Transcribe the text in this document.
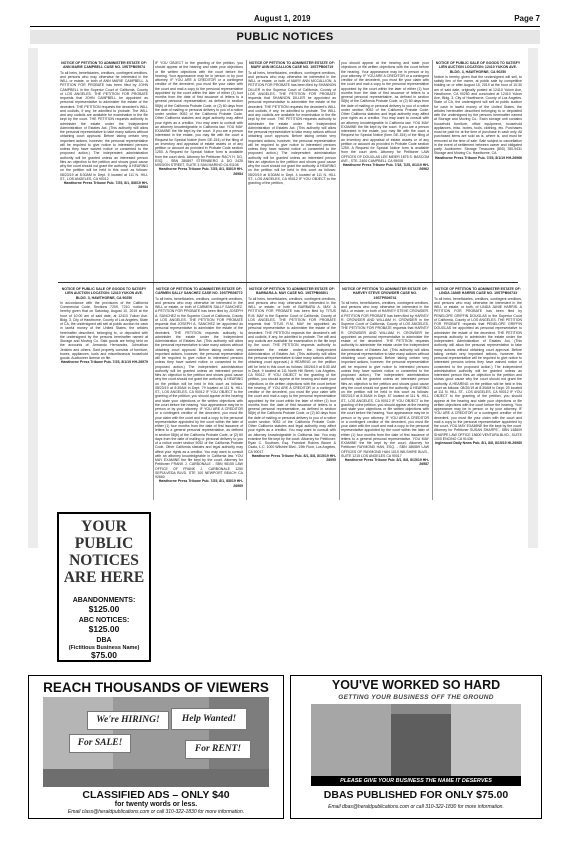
August 1, 2019	Page 7
PUBLIC NOTICES
NOTICE OF PETITION TO ADMINISTER ESTATE OF: ANN MARIE CAMPBELL CASE NO. 19STPB05974
To all heirs, beneficiaries, creditors, contingent creditors, and persons who may otherwise be interested in the WILL or estate, or both of ANN MARIE CAMPBELL. A PETITION FOR PROBATE has been filed by JOHN CAMPBELL in the Superior Court of California, County of LOS ANGELES. THE PETITION FOR PROBATE requests that JOHN CAMPBELL be appointed as personal representative to administer the estate of the decedent. THE PETITION requests the decedent's WILL and codicils, if any, be admitted to probate. The WILL and any codicils are available for examination in the file kept by the court. THE PETITION requests authority to administer the estate under the Independent Administration of Estates Act. (This authority will allow the personal representative to take many actions without obtaining court approval. Before taking certain very important actions, however, the personal representative will be required to give notice to interested persons unless they have waived notice or consented to the proposed action.) The independent administration authority will be granted unless an interested person files an objection to the petition and shows good cause why the court should not grant the authority. A HEARING on the petition will be held in this court as follows: 08/23/19 at 8:30AM in Dept. 5 located at 111 N. HILL ST., LOS ANGELES, CA 90012
Hawthorne Press Tribune Pub. 7/25, 8/1, 8/8/19 HH-26984
IF YOU OBJECT to the granting of the petition, you should appear at the hearing and state your objections or file written objections with the court before the hearing. Your appearance may be in person or by your attorney. IF YOU ARE A CREDITOR or a contingent creditor of the decedent, you must file your claim with the court and mail a copy to the personal representative appointed by the court within the later of either (1) four months from the date of first issuance of letters to a general personal representative, as defined in section 58(b) of the California Probate Code, or (2) 60 days from the date of mailing or personal delivery to you of a notice under section 9052 of the California Probate Code. Other California statutes and legal authority may affect your rights as a creditor. You may want to consult with an attorney knowledgeable in California law. YOU MAY EXAMINE the file kept by the court. If you are a person interested in the estate, you may file with the court a Request for Special Notice (form DE-154) of the filing of an inventory and appraisal of estate assets or of any petition or account as provided in Probate Code section 1250. A Request for Special Notice form is available from the court clerk. Attorney for Petitioner RACY H. DO, ESQ. - SBN 280897 STERNBERG & DO 2425 MISSION STREET, SUITE 3 SAN MARINO CA 91108
Hawthorne Press Tribune Pub. 7/25, 8/1, 8/8/19 HH-26984
NOTICE OF PETITION TO ADMINISTER ESTATE OF: MARY ANN MCCALLION CASE NO. 19STPB06719
To all heirs, beneficiaries, creditors, contingent creditors, and persons who may otherwise be interested in the WILL or estate, or both of MARY ANN MCCALLION. A PETITION FOR PROBATE has been filed by SHANNON DILLER in the Superior Court of California, County of LOS ANGELES. THE PETITION FOR PROBATE requests that SHANNON DILLER be appointed as personal representative to administer the estate of the decedent. THE PETITION requests the decedent's WILL and codicils, if any, be admitted to probate. The WILL and any codicils are available for examination in the file kept by the court. THE PETITION requests authority to administer the estate under the Independent Administration of Estates Act. (This authority will allow the personal representative to take many actions without obtaining court approval. Before taking certain very important actions, however, the personal representative will be required to give notice to interested persons unless they have waived notice or consented to the proposed action.) The independent administration authority will be granted unless an interested person files an objection to the petition and shows good cause why the court should not grant the authority. A HEARING on the petition will be held in this court as follows: 08/20/19 at 8:30AM in Dept. 4 located at 111 N. HILL ST., LOS ANGELES, CA 90012 IF YOU OBJECT to the granting of the petition,
you should appear at the hearing and state your objections or file written objections with the court before the hearing. Your appearance may be in person or by your attorney. IF YOU ARE A CREDITOR or a contingent creditor of the decedent, you must file your claim with the court and mail a copy to the personal representative appointed by the court within the later of either (1) four months from the date of first issuance of letters to a general personal representative, as defined in section 58(b) of the California Probate Code, or (2) 60 days from the date of mailing or personal delivery to you of a notice under section 9052 of the California Probate Code. Other California statutes and legal authority may affect your rights as a creditor. You may want to consult with an attorney knowledgeable in California law. YOU MAY EXAMINE the file kept by the court. If you are a person interested in the estate, you may file with the court a Request for Special Notice (form DE-154) of the filing of an inventory and appraisal of estate assets or of any petition or account as provided in Probate Code section 1250. A Request for Special Notice form is available from the court clerk. Attorney for Petitioner LAW OFFICES OF DOUGLAS LEE MEIER 1875 S. BASCOM AVE., STE. 2400 CAMPBELL CA 95008
Hawthorne Press Tribune Pub. 7/18, 7/25, 8/1/19 HH-26962
NOTICE OF PUBLIC SALE OF GOODS TO SATISFY LIEN AUCTION LOCATION: 12410 YUKON AVE. BLDG. 3, HAWTHORNE, CA 90250
Notice is hereby given that the undersigned will sell, to satisfy lien of the owner, at public sale by competitive bidding on or after August 15, 2019 at the hour of 10:30 am of said date, originally posted at 12410 Yukon Ave, Hawthorne, CA 90250 and concluded at 12410 Yukon Ave, Bldg. 3, City of Hawthorne, County of Los Angeles, State of CA, the undersigned will sell at public auction for cash in lawful money of the United States, the articles hereinafter described belonging to or deposited with the undersigned by the persons hereinafter named at Storage and Moving Co.: Each storage unit contains household furniture, office equipment, household appliances, misc. boxes, tools, clothing, etc. Purchases must be paid for at the time of purchase in cash only. All purchased items are sold as is, where is, and must be removed at the time of sale. Sale subject to cancellation in the event of settlement between owner and obligated party. Auctioneer: Storage Treasures (800) 780-9431 Storage and Moving Co. Hawthorne, CA
Hawthorne Press Tribune Pub. 7/25, 8/1/19 HH-26966
NOTICE OF PUBLIC SALE OF GOODS TO SATISFY LIEN AUCTION LOCATION: 12410 YUKON AVE. BLDG. 3, HAWTHORNE, CA 90250
In accordance with the provisions of the California Commercial Code, Sections 7209, 7210, notice is hereby given that on Saturday, August 10, 2019 at the hour of 10:00 am of said date, at 12410 Yukon Ave. Bldg. 3, City of Hawthorne, County of Los Angeles, State of CA, the undersigned will sell at public auction for cash in lawful money of the United States, the articles hereinafter described, belonging to, or deposited with the undersigned by the persons hereinafter named at Storage and Moving Co. Said goods are being held on the accounts of: Armando Hernandez, Johnathan Jenkins and others. Said property consists of furniture, boxes, appliances, tools and miscellaneous household goods. Auctioneer license on file.
Hawthorne Press Tribune Pub. 7/25, 8/1/19 HH-26979
NOTICE OF PETITION TO ADMINISTER ESTATE OF: CARMEN SALLY SANCHEZ CASE NO. 19STPB06772
To all heirs, beneficiaries, creditors, contingent creditors, and persons who may otherwise be interested in the WILL or estate, or both of CARMEN SALLY SANCHEZ. A PETITION FOR PROBATE has been filed by JOSEPH A. SANCHEZ in the Superior Court of California, County of LOS ANGELES. THE PETITION FOR PROBATE requests that JOSEPH A. SANCHEZ be appointed as personal representative to administer the estate of the decedent. THE PETITION requests authority to administer the estate under the Independent Administration of Estates Act. (This authority will allow the personal representative to take many actions without obtaining court approval. Before taking certain very important actions, however, the personal representative will be required to give notice to interested persons unless they have waived notice or consented to the proposed action.) The independent administration authority will be granted unless an interested person files an objection to the petition and shows good cause why the court should not grant the authority. A HEARING on the petition will be held in this court as follows: 08/23/19 at 8:30AM in Dept. 79 located at 111 N. HILL ST., LOS ANGELES, CA 90012 IF YOU OBJECT to the granting of the petition, you should appear at the hearing and state your objections or file written objections with the court before the hearing. Your appearance may be in person or by your attorney. IF YOU ARE A CREDITOR or a contingent creditor of the decedent, you must file your claim with the court and mail a copy to the personal representative appointed by the court within the later of either (1) four months from the date of first issuance of letters to a general personal representative, as defined in section 58(b) of the California Probate Code, or (2) 60 days from the date of mailing or personal delivery to you of a notice under section 9052 of the California Probate Code. Other California statutes and legal authority may affect your rights as a creditor. You may want to consult with an attorney knowledgeable in California law. YOU MAY EXAMINE the file kept by the court. Attorney for Petitioner FRANK J. CARBONALE - SBN 98155 LAW OFFICE OF FRANK J. CARBONALE 1250 SEPULVEDA BLVD. STE 100 NEWPORT BEACH CA 92660
Hawthorne Press Tribune Pub. 7/25, 8/1, 8/8/19 HH-26969
NOTICE OF PETITION TO ADMINISTER ESTATE OF: BARBARA A. MAY CASE NO. 19STPB06801
To all heirs, beneficiaries, creditors, contingent creditors, and persons who may otherwise be interested in the WILL or estate, or both of BARBARA A. MAY. A PETITION FOR PROBATE has been filed by TITUS R.M. MAY in the Superior Court of California, County of LOS ANGELES. THE PETITION FOR PROBATE requests that TITUS R.M. MAY be appointed as personal representative to administer the estate of the decedent. THE PETITION requests the decedent's will and codicils, if any, be admitted to probate. The will and any codicils are available for examination in the file kept by the court. THE PETITION requests authority to administer the estate under the Independent Administration of Estates Act. (This authority will allow the personal representative to take many actions without obtaining court approval.) A HEARING on the petition will be held in this court as follows: 08/26/19 at 8:30 AM in Dept. 9 located at 111 North Hill Street, Los Angeles, CA 90012. IF YOU OBJECT to the granting of the petition, you should appear at the hearing and state your objections or file written objections with the court before the hearing. IF YOU ARE A CREDITOR or a contingent creditor of the decedent, you must file your claim with the court and mail a copy to the personal representative appointed by the court within the later of either (1) four months from the date of first issuance of letters to a general personal representative, as defined in section 58(b) of the California Probate Code, or (2) 60 days from the date of mailing or personal delivery to you of a notice under section 9052 of the California Probate Code. Other California statutes and legal authority may affect your rights as a creditor. You may want to consult with an attorney knowledgeable in California law. You may examine the file kept by the court. Attorney for Petitioner: Ryan C. Southam, Esq. Frandzel Robins Bloom & Csato, L.C. 1000 Wilshire Blvd., 19th Floor, Los Angeles, CA 90017
Hawthorne Press Tribune Pub. 8/1, 8/8, 8/15/19 HH-26995
NOTICE OF PETITION TO ADMINISTER ESTATE OF: HARVEY STEVE CROWDER CASE NO. 19STPB06741
To all heirs, beneficiaries, creditors, contingent creditors, and persons who may otherwise be interested in the WILL or estate, or both of HARVEY STEVE CROWDER. A PETITION FOR PROBATE has been filed by HARVEY R. CROWDER AND WILLIAM H. CROWDER in the Superior Court of California, County of LOS ANGELES. THE PETITION FOR PROBATE requests that HARVEY R. CROWDER AND WILLIAM H. CROWDER be appointed as personal representative to administer the estate of the decedent. THE PETITION requests authority to administer the estate under the Independent Administration of Estates Act. (This authority will allow the personal representative to take many actions without obtaining court approval. Before taking certain very important actions, however, the personal representative will be required to give notice to interested persons unless they have waived notice or consented to the proposed action.) The independent administration authority will be granted unless an interested person files an objection to the petition and shows good cause why the court should not grant the authority. A HEARING on the petition will be held in this court as follows: 08/23/19 at 8:30AM in Dept. 67 located at 111 N. HILL ST., LOS ANGELES, CA 90012 IF YOU OBJECT to the granting of the petition, you should appear at the hearing and state your objections or file written objections with the court before the hearing. Your appearance may be in person or by your attorney. IF YOU ARE A CREDITOR or a contingent creditor of the decedent, you must file your claim with the court and mail a copy to the personal representative appointed by the court within the later of either (1) four months from the date of first issuance of letters to a general personal representative. YOU MAY EXAMINE the file kept by the court. Attorney for Petitioner RAYMOND HAN, ESQ. - SBN 186589 LAW OFFICES OF RAYMOND HAN 1010 WILSHIRE BLVD., SUITE 1215 LOS ANGELES CA 90017
Hawthorne Press Tribune Pub. 8/1, 8/8, 8/15/19 HH-26987
NOTICE OF PETITION TO ADMINISTER ESTATE OF: LINDA JANIE HARRIS CASE NO. 19STPB06733
To all heirs, beneficiaries, creditors, contingent creditors, and persons who may otherwise be interested in the WILL or estate, or both, of LINDA JANIE HARRIS. A PETITION FOR PROBATE has been filed by PENELOPE GRIFFIN DOUGLAS in the Superior Court of California, County of LOS ANGELES. THE PETITION FOR PROBATE requests that PENELOPE GRIFFIN DOUGLAS be appointed as personal representative to administer the estate of the decedent. THE PETITION requests authority to administer the estate under the Independent Administration of Estates Act. (This authority will allow the personal representative to take many actions without obtaining court approval. Before taking certain very important actions, however, the personal representative will be required to give notice to interested persons unless they have waived notice or consented to the proposed action.) The independent administration authority will be granted unless an interested person files an objection to the petition and shows good cause why the court should not grant the authority. A HEARING on the petition will be held in this court as follows: 08/20/19 at 8:30AM in Dept. 29 located at 111 N. HILL ST., LOS ANGELES, CA 90012 IF YOU OBJECT to the granting of the petition, you should appear at the hearing and state your objections or file written objections with the court before the hearing. Your appearance may be in person or by your attorney. IF YOU ARE A CREDITOR or a contingent creditor of the decedent, you must file your claim with the court and mail a copy to the personal representative appointed by the court. YOU MAY EXAMINE the file kept by the court. Attorney for Petitioner SUSAN SHARPE - SBN 148609 SHARPE LAW OFFICE 15600 VENTURA BLVD., SUITE 1000 ENCINO CA 91436
Inglewood Daily News Pub. 8/1, 8/8, 8/15/19 HI-26980
YOUR PUBLIC NOTICES ARE HERE
ABANDONMENTS:
$125.00
ABC NOTICES:
$125.00
DBA
(Fictitious Business Name)
$75.00
REACH THOUSANDS OF VIEWERS
We're HIRING!	Help Wanted!
For SALE!
For RENT!
CLASSIFIED ADS – ONLY $40
for twenty words or less.
Email class@heraldpublications.com or call 310-322-1830 for more information.
YOU'VE WORKED SO HARD
GETTING YOUR BUSINESS OFF THE GROUND
PLEASE GIVE YOUR BUSINESS THE NAME IT DESERVES
DBAS PUBLISHED FOR ONLY $75.00
Email dbas@heraldpublications.com or call 310-322-1830 for more information.
